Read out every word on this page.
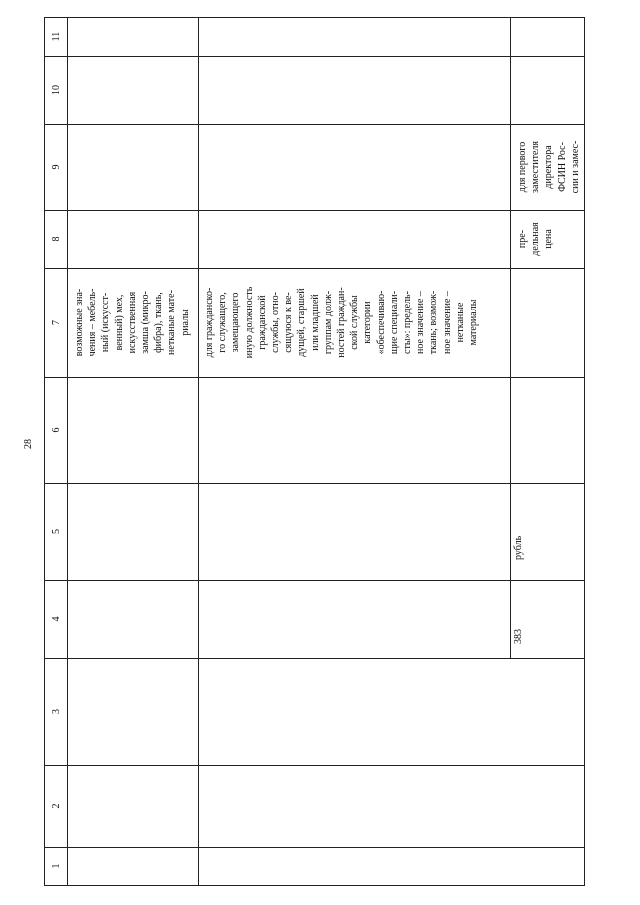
28
1
2
3
4
5
6
7
8
9
10
11
возможные зна- чения – мебель- ный (искусст- венный) мех, искусственная замша (микро- фибра), ткань, нетканые мате- риалы для гражданско- го служащего, замещающего иную должность гражданской службы, отно- сящуюся к ве- дущей, старшей или младшей группам долж- ностей граждан- ской службы категории «обеспечиваю- щие специали- сты»: предель- ное значение – ткань; возмож- ное значение – нетканые материалы
383
рубль
пре- дельная цена
для первого заместителя директора ФСИН Рос- сии и замес-
